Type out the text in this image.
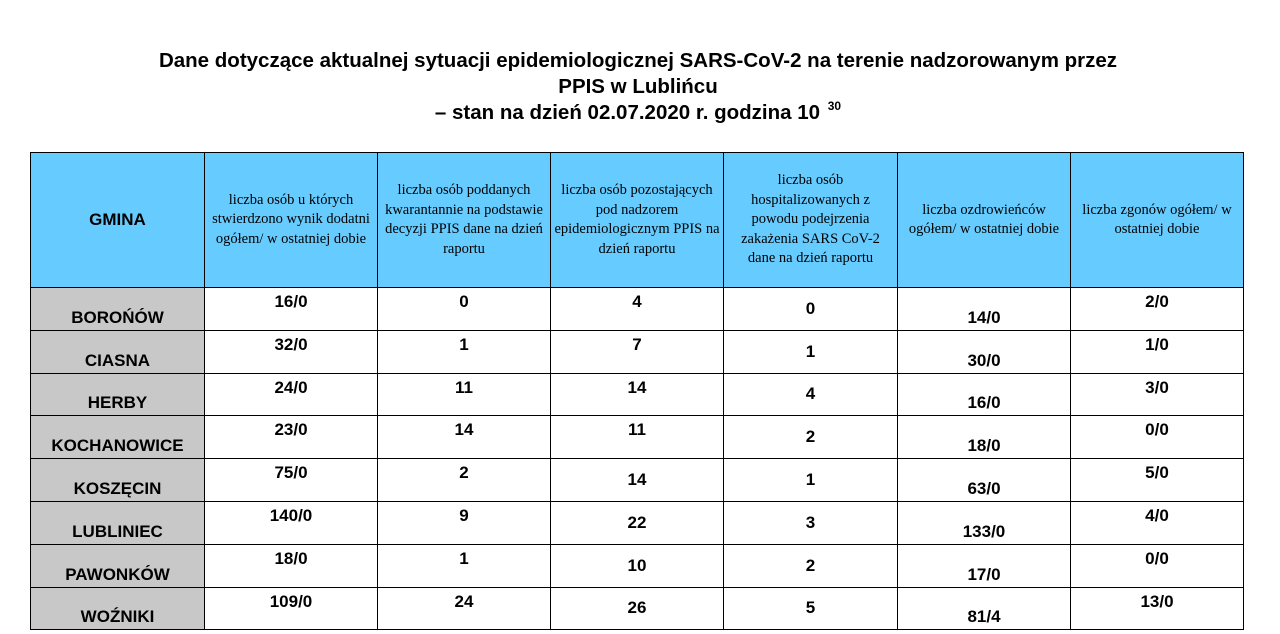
Dane dotyczące aktualnej sytuacji epidemiologicznej SARS-CoV-2 na terenie nadzorowanym przez
PPIS w Lublińcu
– stan na dzień 02.07.2020 r. godzina 10 $^{30}$
GMINA	liczba osób u których stwierdzono wynik dodatni ogółem/ w ostatniej dobie	liczba osób poddanych kwarantannie na podstawie decyzji PPIS dane na dzień raportu	liczba osób pozostających pod nadzorem epidemiologicznym PPIS na dzień raportu	liczba osób hospitalizowanych z powodu podejrzenia zakażenia SARS CoV-2 dane na dzień raportu	liczba ozdrowieńców ogółem/ w ostatniej dobie	liczba zgonów ogółem/ w ostatniej dobie

BOROŃÓW	16/0	0	4	0	14/0	2/0
CIASNA	32/0	1	7	1	30/0	1/0
HERBY	24/0	11	14	4	16/0	3/0
KOCHANOWICE	23/0	14	11	2	18/0	0/0
KOSZĘCIN	75/0	2	14	1	63/0	5/0
LUBLINIEC	140/0	9	22	3	133/0	4/0
PAWONKÓW	18/0	1	10	2	17/0	0/0
WOŹNIKI	109/0	24	26	5	81/4	13/0
